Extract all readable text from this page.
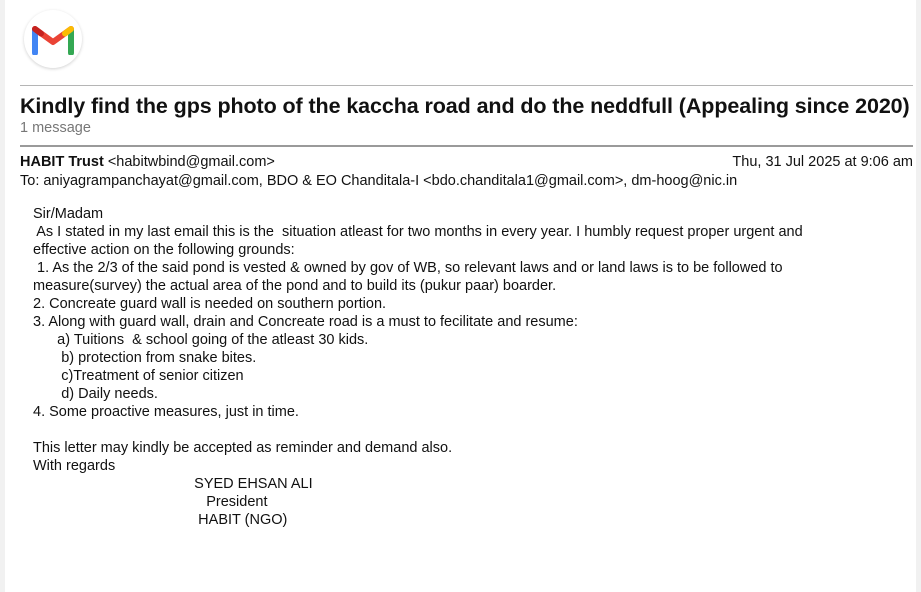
Kindly find the gps photo of the kaccha road and do the neddfull (Appealing since 2020)
1 message
HABIT Trust <habitwbind@gmail.com>	Thu, 31 Jul 2025 at 9:06 am
To: aniyagrampanchayat@gmail.com, BDO & EO Chanditala-I <bdo.chanditala1@gmail.com>, dm-hoog@nic.in
Sir/Madam
As I stated in my last email this is the  situation atleast for two months in every year. I humbly request proper urgent and
effective action on the following grounds:
1. As the 2/3 of the said pond is vested & owned by gov of WB, so relevant laws and or land laws is to be followed to
measure(survey) the actual area of the pond and to build its (pukur paar) boarder.
2. Concreate guard wall is needed on southern portion.
3. Along with guard wall, drain and Concreate road is a must to fecilitate and resume:
a) Tuitions  & school going of the atleast 30 kids.
b) protection from snake bites.
c)Treatment of senior citizen
d) Daily needs.
4. Some proactive measures, just in time.
This letter may kindly be accepted as reminder and demand also.
With regards
SYED EHSAN ALI
President
HABIT (NGO)
